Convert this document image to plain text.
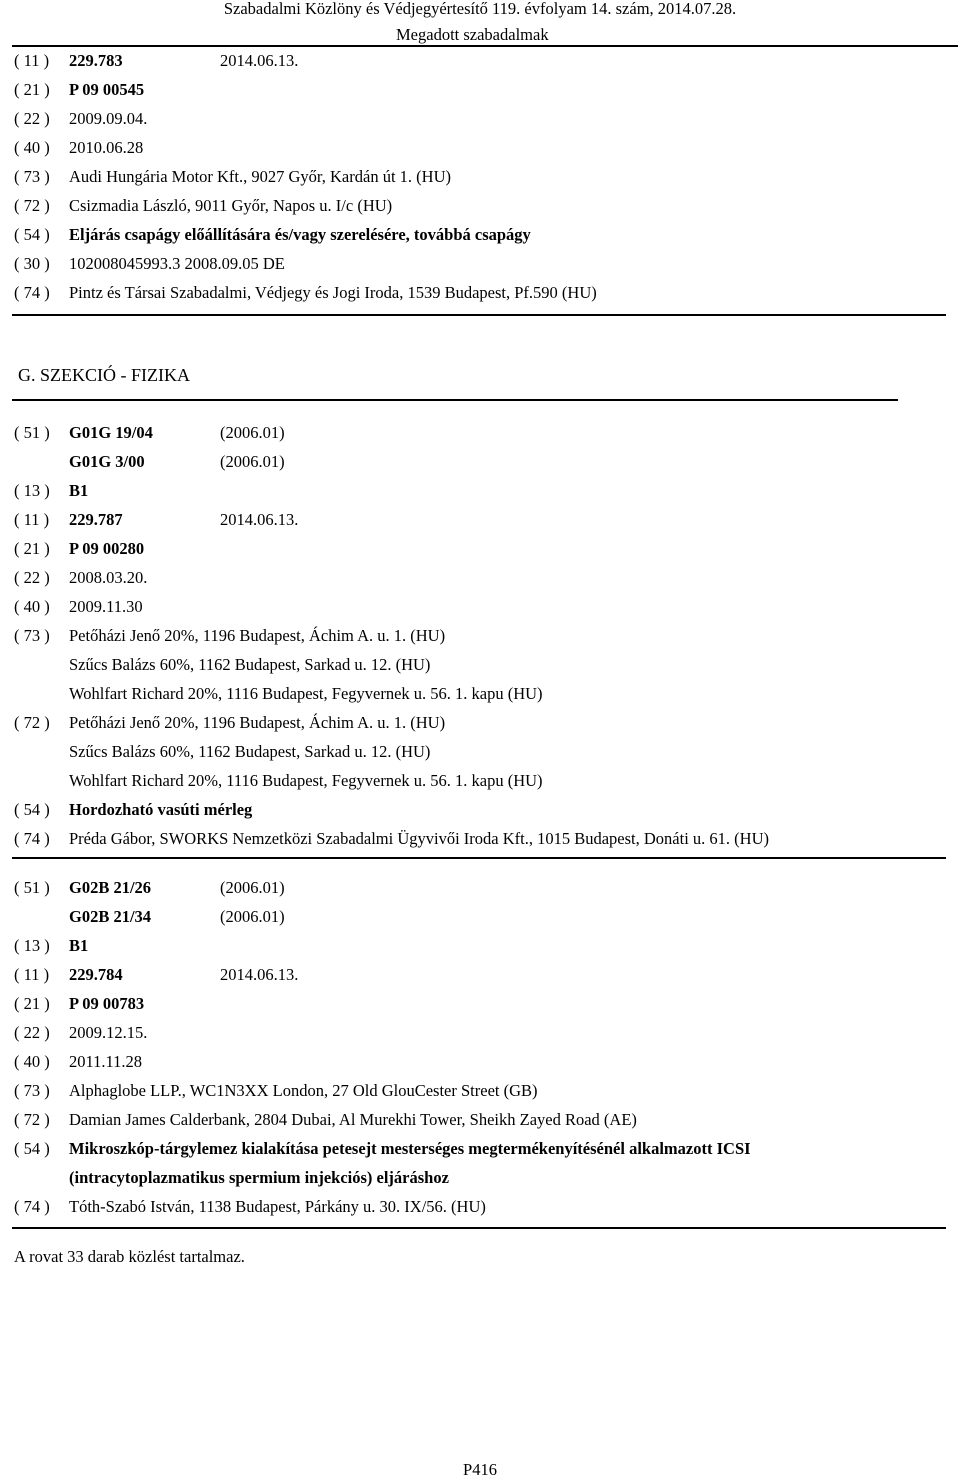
Szabadalmi Közlöny és Védjegyértesítő 119. évfolyam 14. szám, 2014.07.28.
Megadott szabadalmak
( 11 )	229.783	2014.06.13.
( 21 )	P 09 00545
( 22 )	2009.09.04.
( 40 )	2010.06.28
( 73 )	Audi Hungária Motor Kft., 9027 Győr, Kardán út 1. (HU)
( 72 )	Csizmadia László, 9011 Győr, Napos u. I/c (HU)
( 54 )	Eljárás csapágy előállítására és/vagy szerelésére, továbbá csapágy
( 30 )	102008045993.3 2008.09.05 DE
( 74 )	Pintz és Társai Szabadalmi, Védjegy és Jogi Iroda, 1539 Budapest, Pf.590 (HU)
G. SZEKCIÓ - FIZIKA
( 51 )	G01G 19/04	(2006.01)
G01G 3/00	(2006.01)
( 13 )	B1
( 11 )	229.787	2014.06.13.
( 21 )	P 09 00280
( 22 )	2008.03.20.
( 40 )	2009.11.30
( 73 )	Petőházi Jenő 20%, 1196 Budapest, Áchim A. u. 1. (HU)
Szűcs Balázs 60%, 1162 Budapest, Sarkad u. 12. (HU)
Wohlfart Richard 20%, 1116 Budapest, Fegyvernek u. 56. 1. kapu (HU)
( 72 )	Petőházi Jenő 20%, 1196 Budapest, Áchim A. u. 1. (HU)
Szűcs Balázs 60%, 1162 Budapest, Sarkad u. 12. (HU)
Wohlfart Richard 20%, 1116 Budapest, Fegyvernek u. 56. 1. kapu (HU)
( 54 )	Hordozható vasúti mérleg
( 74 )	Préda Gábor, SWORKS Nemzetközi Szabadalmi Ügyvivői Iroda Kft., 1015 Budapest, Donáti u. 61. (HU)
( 51 )	G02B 21/26	(2006.01)
G02B 21/34	(2006.01)
( 13 )	B1
( 11 )	229.784	2014.06.13.
( 21 )	P 09 00783
( 22 )	2009.12.15.
( 40 )	2011.11.28
( 73 )	Alphaglobe LLP., WC1N3XX London, 27 Old GlouCester Street (GB)
( 72 )	Damian James Calderbank, 2804 Dubai, Al Murekhi Tower, Sheikh Zayed Road (AE)
( 54 )	Mikroszkóp-tárgylemez kialakítása petesejt mesterséges megtermékenyítésénél alkalmazott ICSI
(intracytoplazmatikus spermium injekciós) eljáráshoz
( 74 )	Tóth-Szabó István, 1138 Budapest, Párkány u. 30. IX/56. (HU)
A rovat 33 darab közlést tartalmaz.
P416
